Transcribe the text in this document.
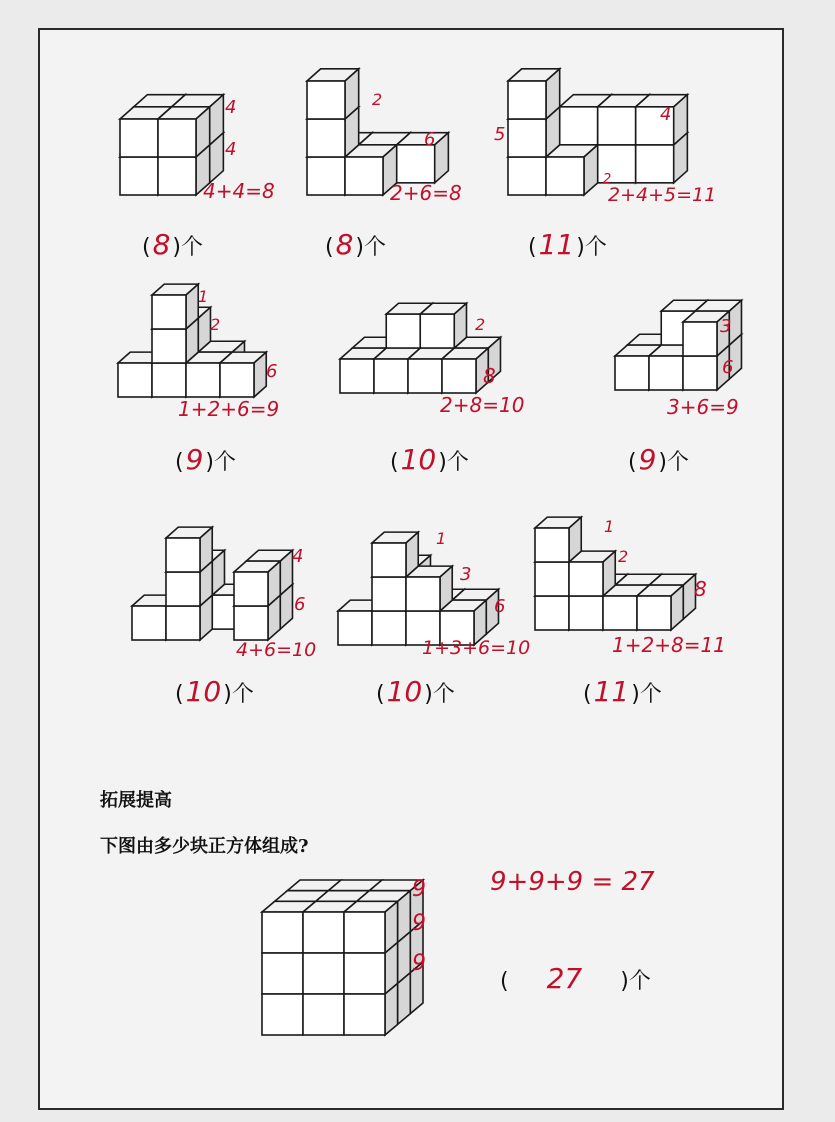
4
4
4+4=8
2
6
2+6=8
5
4
2
2+4+5=11
1
2
6
1+2+6=9
2
8
2+8=10
3
6
3+6=9
4
6
4+6=10
1
3
6
1+3+6=10
1
2
8
1+2+8=11
9
9
9
9+9+9 = 27
(8)个	(8)个	(11)个
(9)个	(10)个	(9)个
(10)个	(10)个	(11)个
拓展提高
下图由多少块正方体组成?
( 27 )个
